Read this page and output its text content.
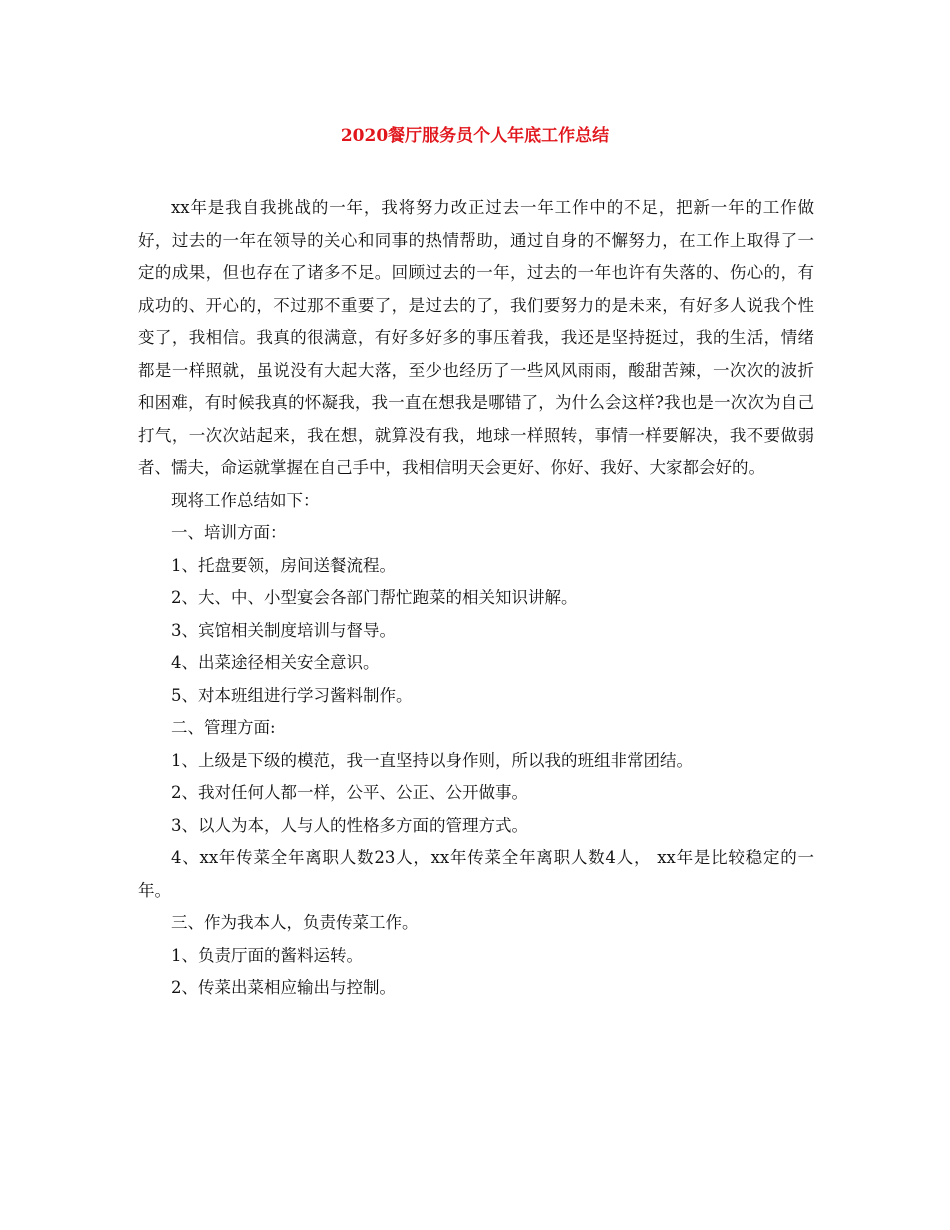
2020餐厅服务员个人年底工作总结

xx年是我自我挑战的一年，我将努力改正过去一年工作中的不足，把新一年的工作做好，过去的一年在领导的关心和同事的热情帮助，通过自身的不懈努力，在工作上取得了一定的成果，但也存在了诸多不足。回顾过去的一年，过去的一年也许有失落的、伤心的，有成功的、开心的，不过那不重要了，是过去的了，我们要努力的是未来，有好多人说我个性变了，我相信。我真的很满意，有好多好多的事压着我，我还是坚持挺过，我的生活，情绪都是一样照就，虽说没有大起大落，至少也经历了一些风风雨雨，酸甜苦辣，一次次的波折和困难，有时候我真的怀凝我，我一直在想我是哪错了，为什么会这样?我也是一次次为自己打气，一次次站起来，我在想，就算没有我，地球一样照转，事情一样要解决，我不要做弱者、懦夫，命运就掌握在自己手中，我相信明天会更好、你好、我好、大家都会好的。

现将工作总结如下：

一、培训方面：

1、托盘要领，房间送餐流程。

2、大、中、小型宴会各部门帮忙跑菜的相关知识讲解。

3、宾馆相关制度培训与督导。

4、出菜途径相关安全意识。

5、对本班组进行学习酱料制作。

二、管理方面:

1、上级是下级的模范，我一直坚持以身作则，所以我的班组非常团结。

2、我对任何人都一样，公平、公正、公开做事。

3、以人为本，人与人的性格多方面的管理方式。

4、xx年传菜全年离职人数23人，xx年传菜全年离职人数4人， xx年是比较稳定的一年。

三、作为我本人，负责传菜工作。

1、负责厅面的酱料运转。

2、传菜出菜相应输出与控制。
